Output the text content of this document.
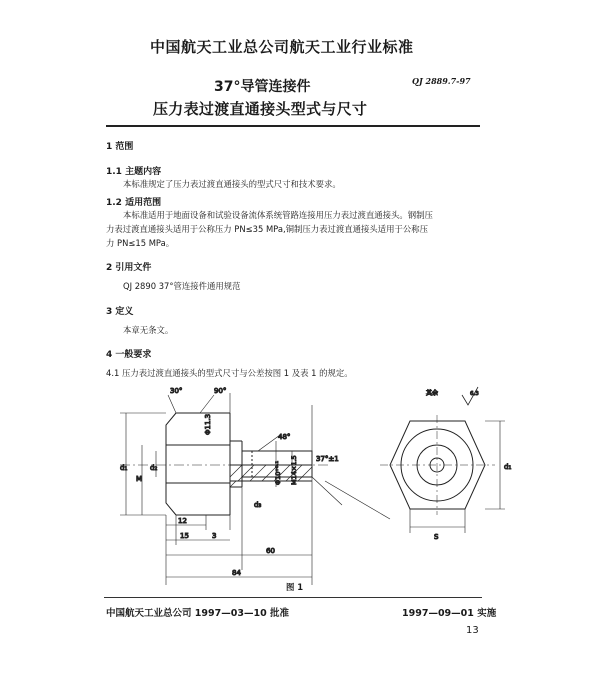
中国航天工业总公司航天工业行业标准
37°导管连接件	QJ 2889.7-97
压力表过渡直通接头型式与尺寸
1 范围
1.1 主题内容
本标准规定了压力表过渡直通接头的型式尺寸和技术要求。
1.2 适用范围
本标准适用于地面设备和试验设备流体系统管路连接用压力表过渡直通接头。钢制压
力表过渡直通接头适用于公称压力 PN≤35 MPa,铜制压力表过渡直通接头适用于公称压
力 PN≤15 MPa。
2 引用文件
QJ 2890 37°管连接件通用规范
3 定义
本章无条文。
4 一般要求
4.1 压力表过渡直通接头的型式尺寸与公差按图 1 及表 1 的规定。
30°	90°
48°
37°±1
Φ11.3
Φ10⁺⁰·¹ M14×1.5
d₁
M
d₂
d₃
d₁
S
12
15	3
60
84
其余	6.3
图 1
中国航天工业总公司 1997—03—10 批准	1997—09—01 实施
13
